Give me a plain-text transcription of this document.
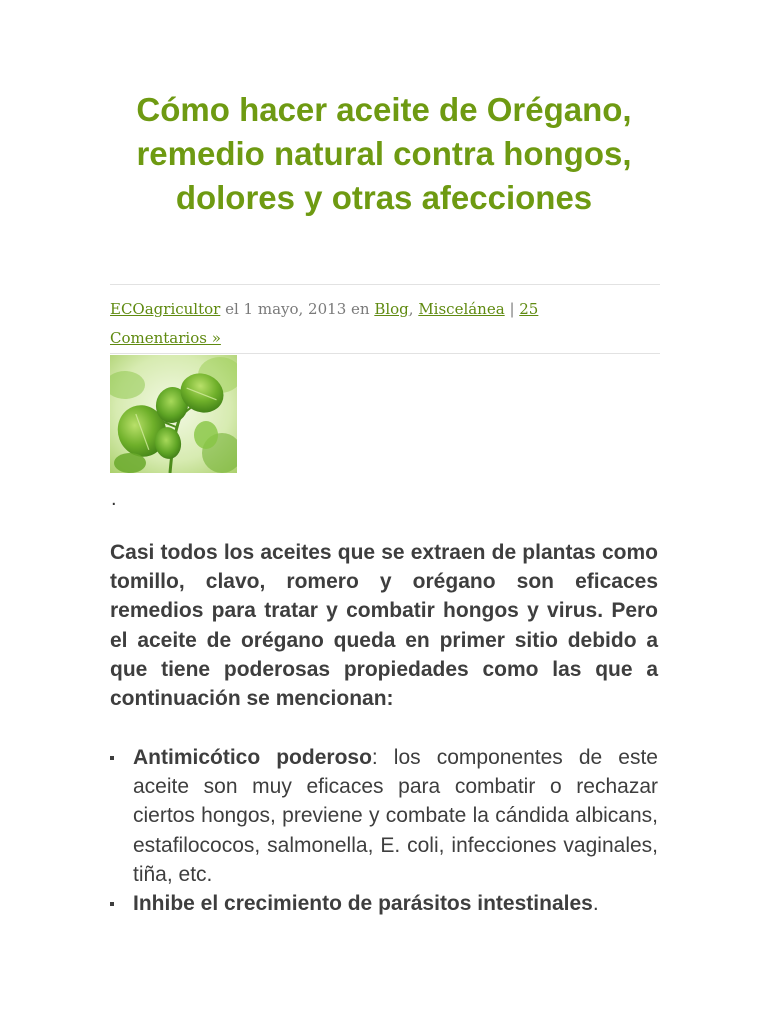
Cómo hacer aceite de Orégano, remedio natural contra hongos, dolores y otras afecciones
ECOagricultor el 1 mayo, 2013 en Blog, Miscelánea | 25
Comentarios »
.

Casi todos los aceites que se extraen de plantas como tomillo, clavo, romero y orégano son eficaces remedios para tratar y combatir hongos y virus. Pero el aceite de orégano queda en primer sitio debido a que tiene poderosas propiedades como las que a continuación se mencionan:

Antimicótico poderoso: los componentes de este aceite son muy eficaces para combatir o rechazar ciertos hongos, previene y combate la cándida albicans, estafilococos, salmonella, E. coli, infecciones vaginales, tiña, etc.
Inhibe el crecimiento de parásitos intestinales.
